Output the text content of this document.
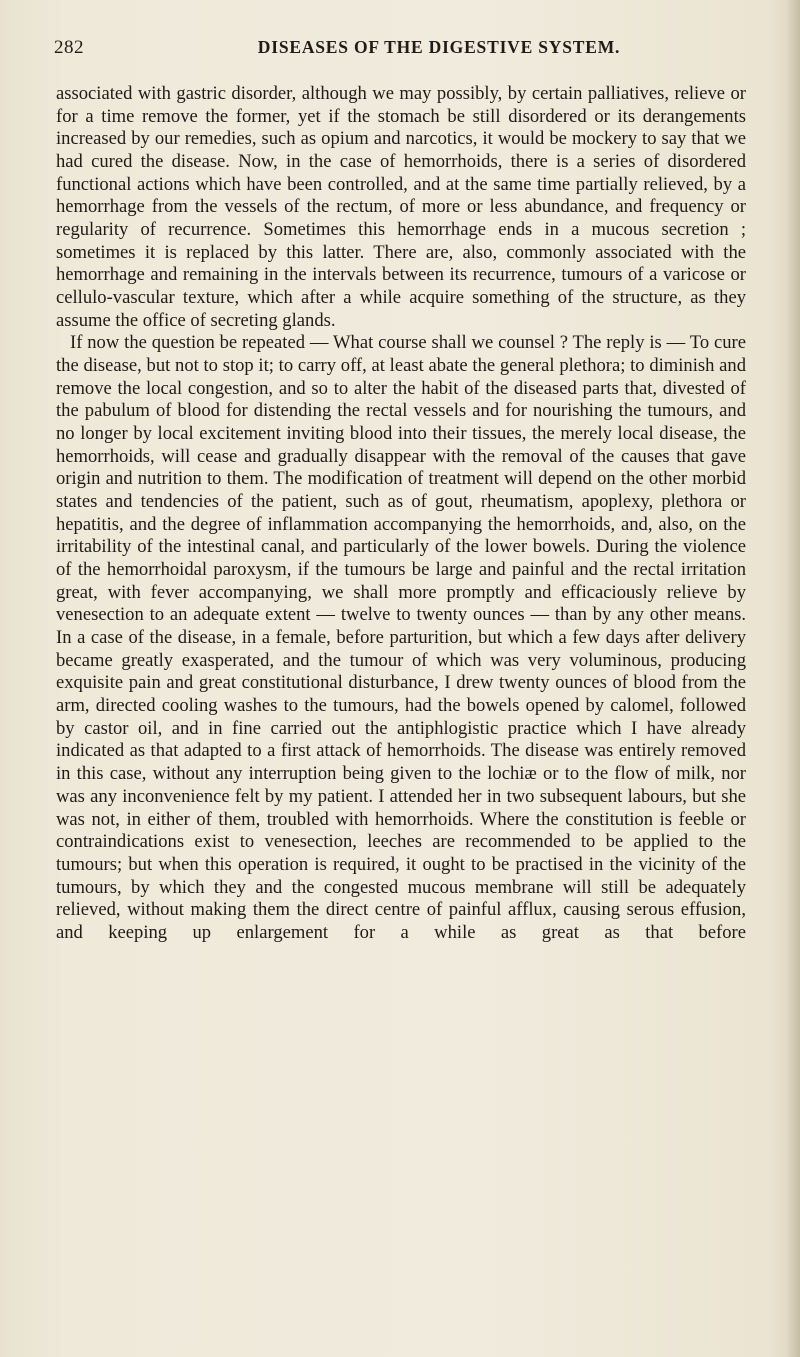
282	DISEASES OF THE DIGESTIVE SYSTEM.

associated with gastric disorder, although we may possibly, by certain palliatives, relieve or for a time remove the former, yet if the stomach be still disordered or its derangements increased by our remedies, such as opium and narcotics, it would be mockery to say that we had cured the disease. Now, in the case of hemorrhoids, there is a series of disordered functional actions which have been controlled, and at the same time partially relieved, by a hemorrhage from the vessels of the rectum, of more or less abundance, and frequency or regularity of recurrence. Sometimes this hemorrhage ends in a mucous secretion ; sometimes it is replaced by this latter. There are, also, commonly associated with the hemorrhage and remaining in the intervals between its recurrence, tumours of a varicose or cellulo-vascular texture, which after a while acquire something of the structure, as they assume the office of secreting glands.

If now the question be repeated — What course shall we counsel ? The reply is — To cure the disease, but not to stop it; to carry off, at least abate the general plethora; to diminish and remove the local congestion, and so to alter the habit of the diseased parts that, divested of the pabulum of blood for distending the rectal vessels and for nourishing the tumours, and no longer by local excitement inviting blood into their tissues, the merely local disease, the hemorrhoids, will cease and gradually disappear with the removal of the causes that gave origin and nutrition to them. The modification of treatment will depend on the other morbid states and tendencies of the patient, such as of gout, rheumatism, apoplexy, plethora or hepatitis, and the degree of inflammation accompanying the hemorrhoids, and, also, on the irritability of the intestinal canal, and particularly of the lower bowels. During the violence of the hemorrhoidal paroxysm, if the tumours be large and painful and the rectal irritation great, with fever accompanying, we shall more promptly and efficaciously relieve by venesection to an adequate extent — twelve to twenty ounces — than by any other means. In a case of the disease, in a female, before parturition, but which a few days after delivery became greatly exasperated, and the tumour of which was very voluminous, producing exquisite pain and great constitutional disturbance, I drew twenty ounces of blood from the arm, directed cooling washes to the tumours, had the bowels opened by calomel, followed by castor oil, and in fine carried out the antiphlogistic practice which I have already indicated as that adapted to a first attack of hemorrhoids. The disease was entirely removed in this case, without any interruption being given to the lochiæ or to the flow of milk, nor was any inconvenience felt by my patient. I attended her in two subsequent labours, but she was not, in either of them, troubled with hemorrhoids. Where the constitution is feeble or contraindications exist to venesection, leeches are recommended to be applied to the tumours; but when this operation is required, it ought to be practised in the vicinity of the tumours, by which they and the congested mucous membrane will still be adequately relieved, without making them the direct centre of painful afflux, causing serous effusion, and keeping up enlargement for a while as great as that before
